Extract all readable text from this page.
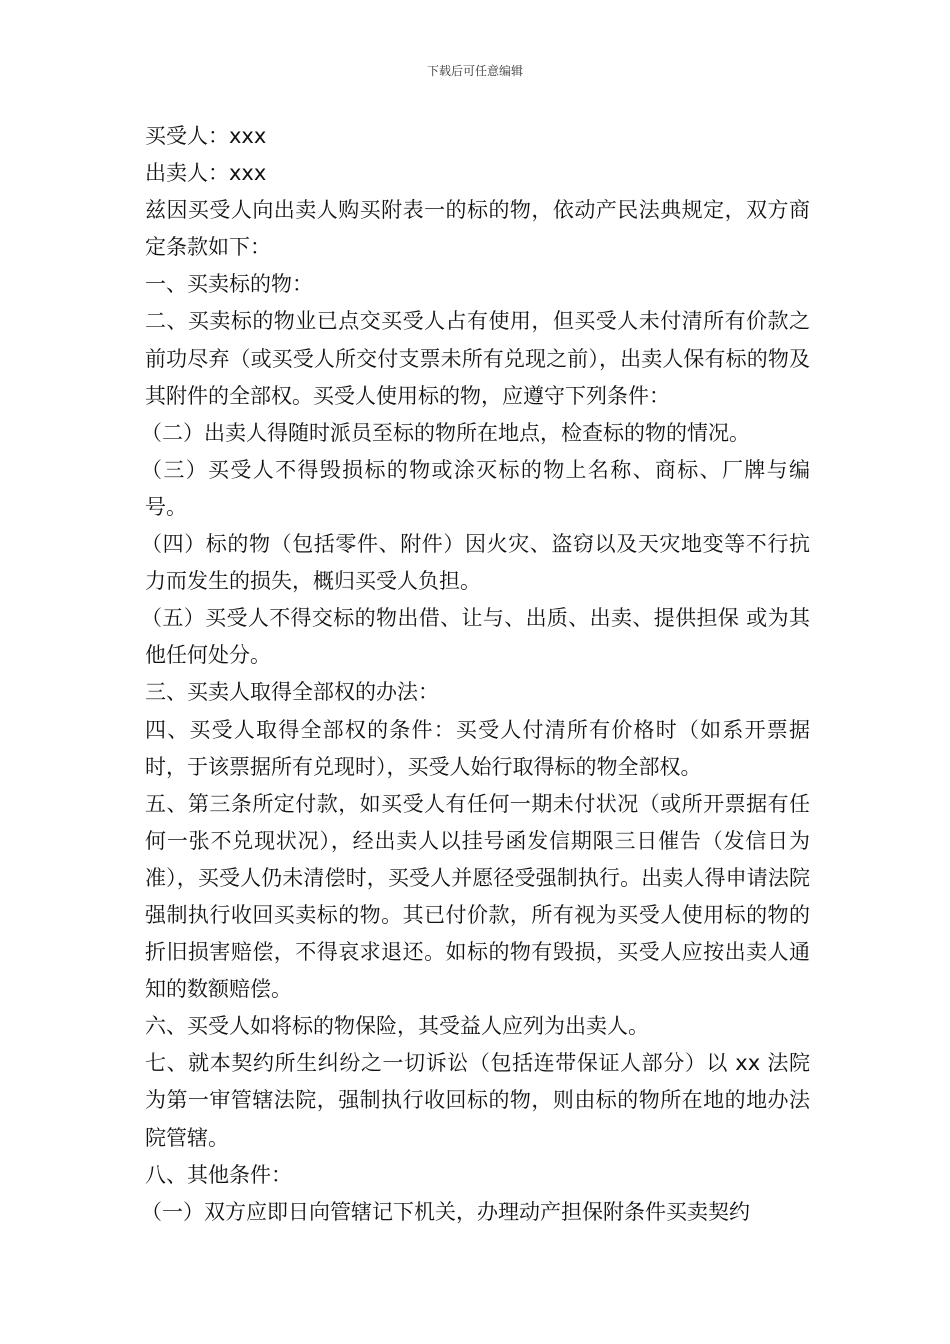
下载后可任意编辑

买受人：xxx

出卖人：xxx

兹因买受人向出卖人购买附表一的标的物，依动产民法典规定，双方商定条款如下：

一、买卖标的物：

二、买卖标的物业已点交买受人占有使用，但买受人未付清所有价款之前功尽弃（或买受人所交付支票未所有兑现之前），出卖人保有标的物及其附件的全部权。买受人使用标的物，应遵守下列条件：

（二）出卖人得随时派员至标的物所在地点，检查标的物的情况。

（三）买受人不得毁损标的物或涂灭标的物上名称、商标、厂牌与编号。

（四）标的物（包括零件、附件）因火灾、盗窃以及天灾地变等不行抗力而发生的损失，概归买受人负担。

（五）买受人不得交标的物出借、让与、出质、出卖、提供担保 或为其他任何处分。

三、买卖人取得全部权的办法：

四、买受人取得全部权的条件：买受人付清所有价格时（如系开票据时，于该票据所有兑现时），买受人始行取得标的物全部权。

五、第三条所定付款，如买受人有任何一期未付状况（或所开票据有任何一张不兑现状况），经出卖人以挂号函发信期限三日催告（发信日为准），买受人仍未清偿时，买受人并愿径受强制执行。出卖人得申请法院强制执行收回买卖标的物。其已付价款，所有视为买受人使用标的物的折旧损害赔偿，不得哀求退还。如标的物有毁损，买受人应按出卖人通知的数额赔偿。

六、买受人如将标的物保险，其受益人应列为出卖人。

七、就本契约所生纠纷之一切诉讼（包括连带保证人部分）以 xx 法院为第一审管辖法院，强制执行收回标的物，则由标的物所在地的地办法院管辖。

八、其他条件：

（一）双方应即日向管辖记下机关，办理动产担保附条件买卖契约
